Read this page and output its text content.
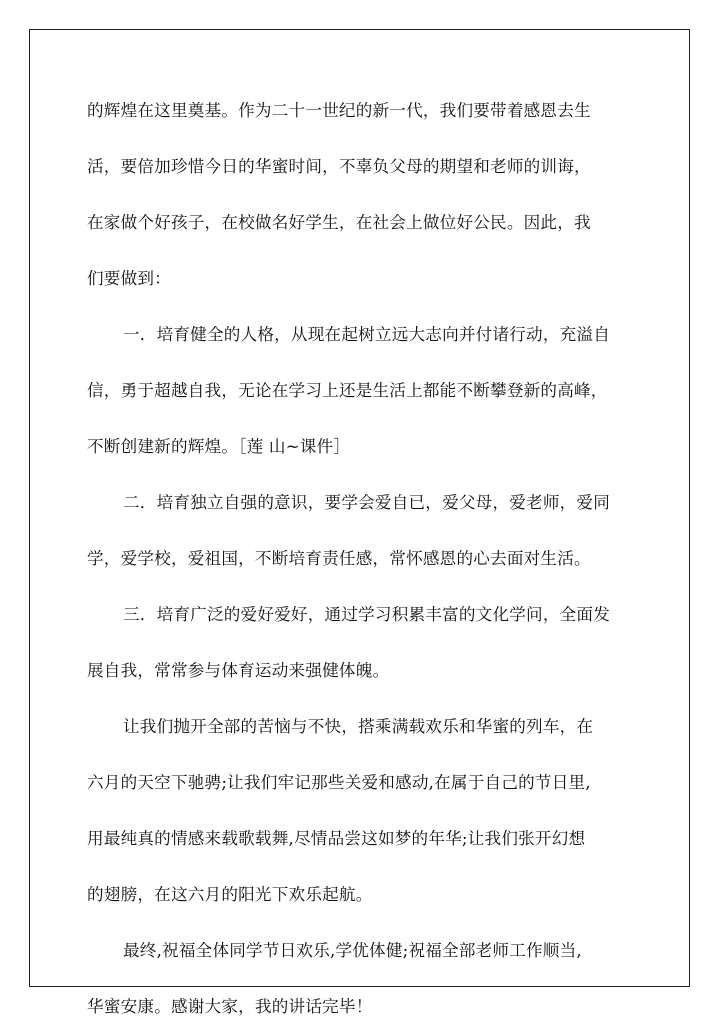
的辉煌在这里奠基。作为二十一世纪的新一代，我们要带着感恩去生
活，要倍加珍惜今日的华蜜时间，不辜负父母的期望和老师的训诲，
在家做个好孩子，在校做名好学生，在社会上做位好公民。因此，我
们要做到：
一．培育健全的人格，从现在起树立远大志向并付诸行动，充溢自
信，勇于超越自我，无论在学习上还是生活上都能不断攀登新的高峰，
不断创建新的辉煌。［莲 山~课件］
二．培育独立自强的意识，要学会爱自已，爱父母，爱老师，爱同
学，爱学校，爱祖国，不断培育责任感，常怀感恩的心去面对生活。
三．培育广泛的爱好爱好，通过学习积累丰富的文化学问，全面发
展自我，常常参与体育运动来强健体魄。
让我们抛开全部的苦恼与不快，搭乘满载欢乐和华蜜的列车，在
六月的天空下驰骋;让我们牢记那些关爱和感动,在属于自己的节日里,
用最纯真的情感来载歌载舞,尽情品尝这如梦的年华;让我们张开幻想
的翅膀，在这六月的阳光下欢乐起航。
最终,祝福全体同学节日欢乐,学优体健;祝福全部老师工作顺当,
华蜜安康。感谢大家，我的讲话完毕！
